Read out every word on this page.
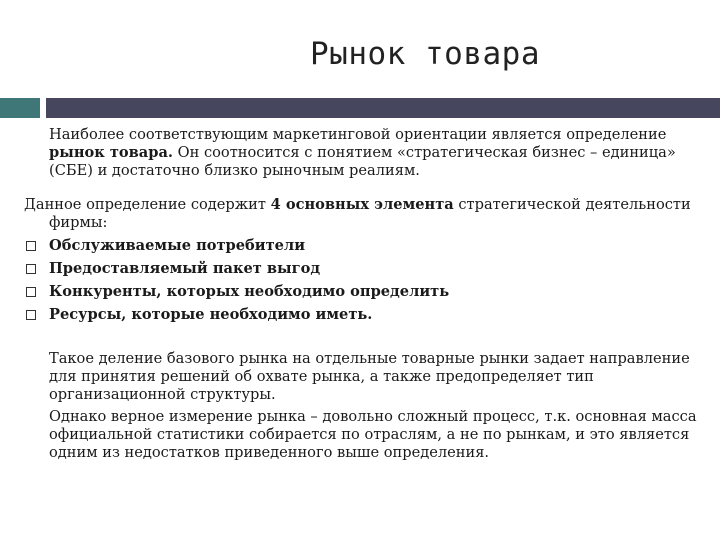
Рынок товара

Наиболее соответствующим маркетинговой ориентации является определение рынок товара. Он соотносится с понятием «стратегическая бизнес – единица» (СБЕ) и достаточно близко рыночным реалиям.

Данное определение содержит 4 основных элемента стратегической деятельности фирмы:

Обслуживаемые потребители
Предоставляемый пакет выгод
Конкуренты, которых необходимо определить
Ресурсы, которые необходимо иметь.

Такое деление базового рынка на отдельные товарные рынки задает направление для принятия решений об охвате рынка, а также предопределяет тип организационной структуры.

Однако верное измерение рынка – довольно сложный процесс, т.к. основная масса официальной статистики собирается по отраслям, а не по рынкам, и это является одним из недостатков приведенного выше определения.
